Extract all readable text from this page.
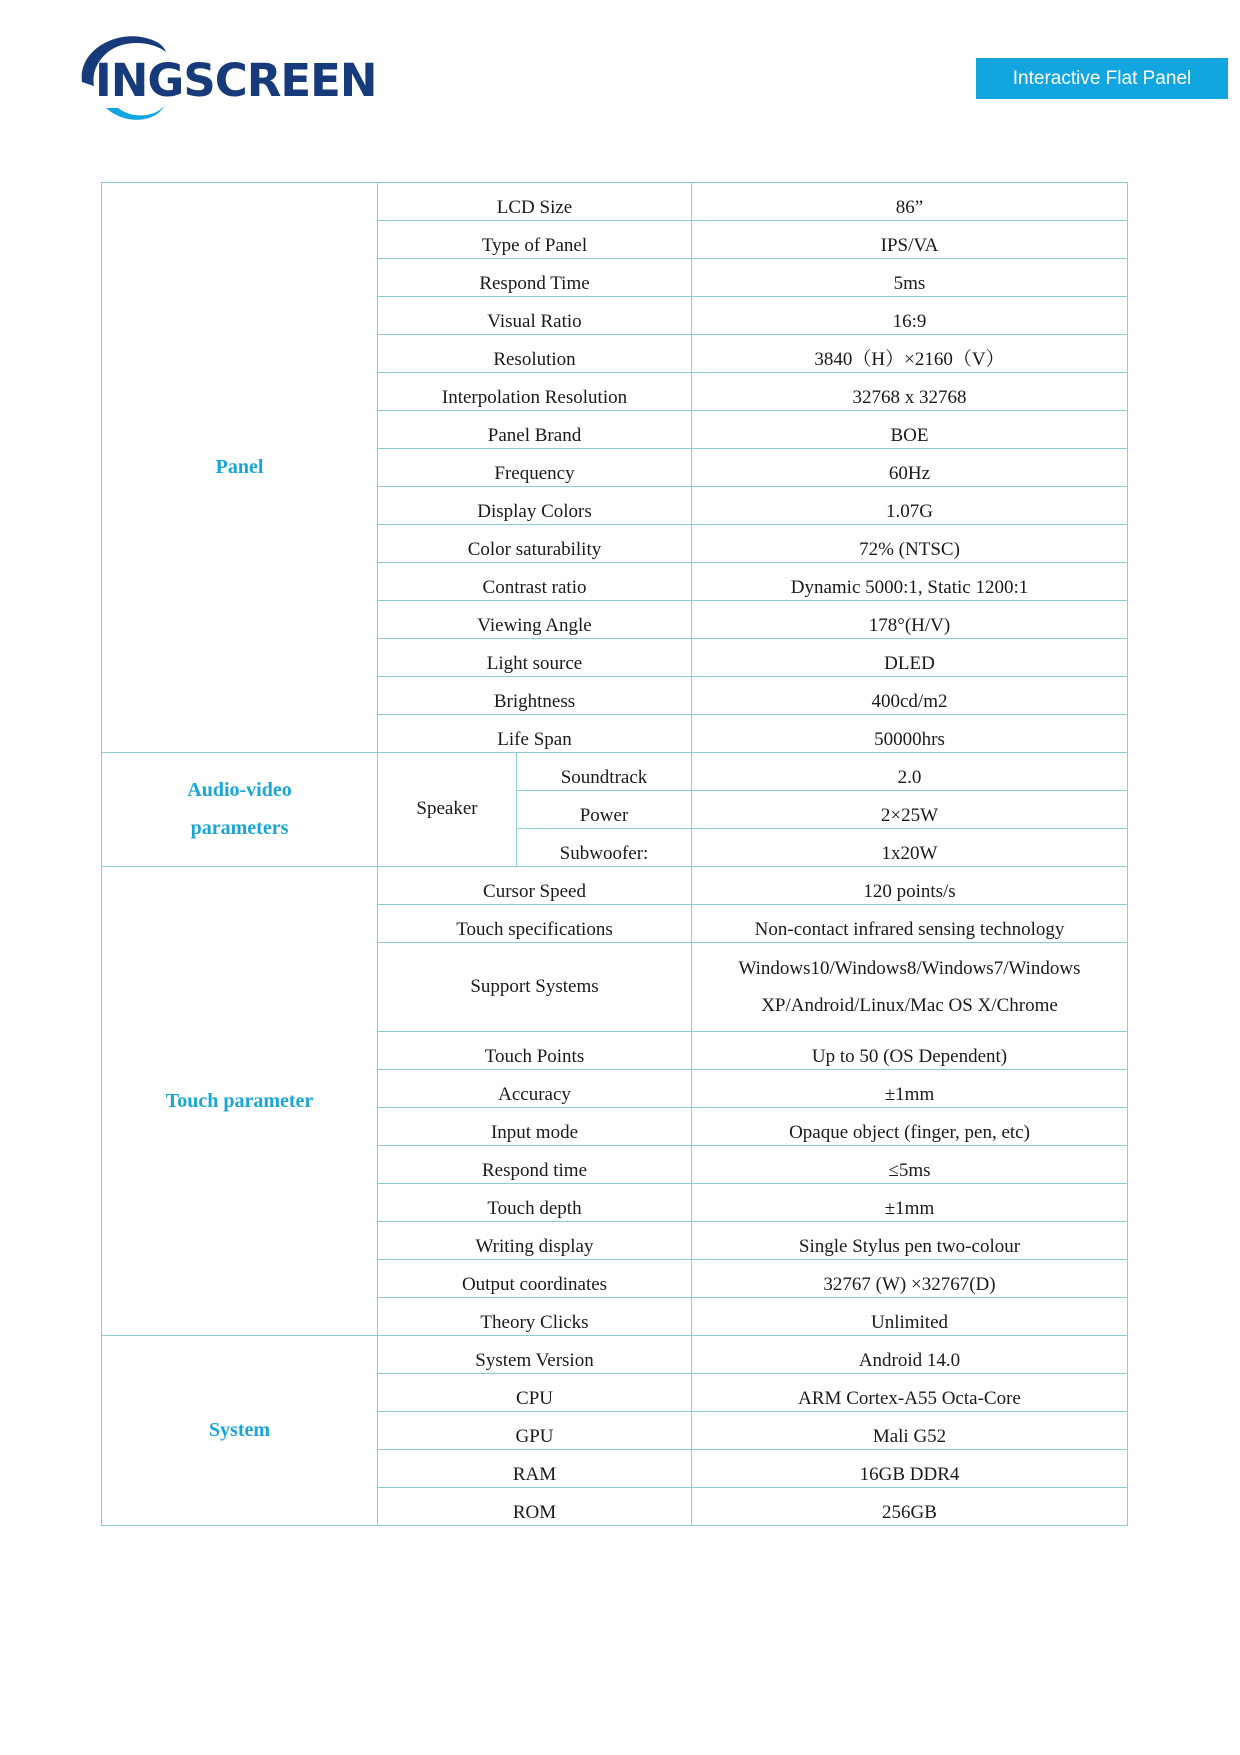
INGSCREEN	Interactive Flat Panel
Panel	LCD Size		86”
	Type of Panel		IPS/VA
	Respond Time		5ms
	Visual Ratio		16:9
	Resolution		3840（H）×2160（V）
	Interpolation Resolution		32768 x 32768
	Panel Brand		BOE
	Frequency		60Hz
	Display Colors		1.07G
	Color saturability		72% (NTSC)
	Contrast ratio		Dynamic 5000:1, Static 1200:1
	Viewing Angle		178°(H/V)
	Light source		DLED
	Brightness		400cd/m2
	Life Span		50000hrs

Audio-video
parameters	Speaker	Soundtrack	2.0
		Power	2×25W
		Subwoofer:	1x20W
Touch parameter	Cursor Speed		120 points/s
	Touch specifications		Non-contact infrared sensing technology
	Support Systems		Windows10/Windows8/Windows7/Windows
XP/Android/Linux/Mac OS X/Chrome

	Touch Points		Up to 50 (OS Dependent)
	Accuracy		±1mm
	Input mode		Opaque object (finger, pen, etc)
	Respond time		≤5ms
	Touch depth		±1mm
	Writing display		Single Stylus pen two-colour
	Output coordinates		32767 (W) ×32767(D)
	Theory Clicks		Unlimited
System	System Version		Android 14.0
	CPU		ARM Cortex-A55 Octa-Core
	GPU		Mali G52
	RAM		16GB DDR4
	ROM		256GB
